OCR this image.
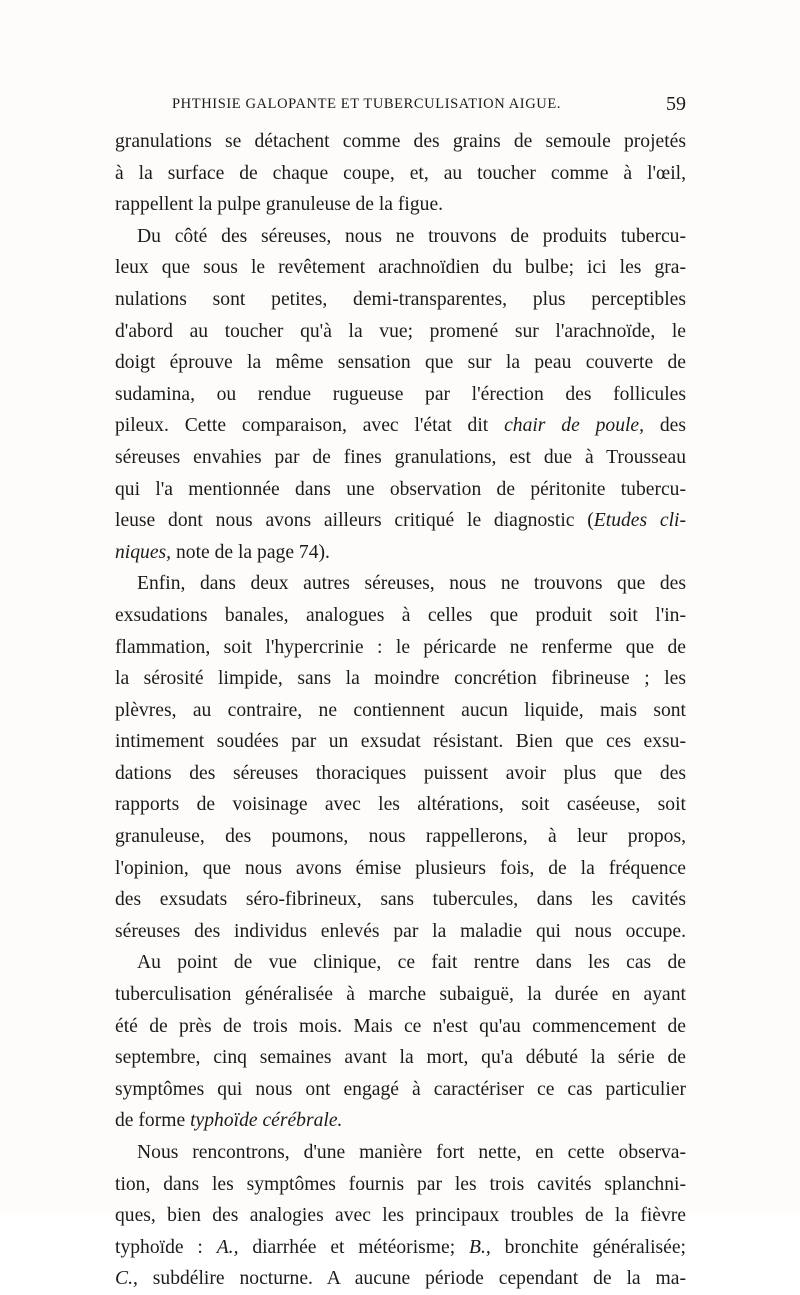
PHTHISIE GALOPANTE ET TUBERCULISATION AIGUE.	59
granulations se détachent comme des grains de semoule projetés
à la surface de chaque coupe, et, au toucher comme à l'œil,
rappellent la pulpe granuleuse de la figue.
Du côté des séreuses, nous ne trouvons de produits tubercu-
leux que sous le revêtement arachnoïdien du bulbe; ici les gra-
nulations sont petites, demi-transparentes, plus perceptibles
d'abord au toucher qu'à la vue; promené sur l'arachnoïde, le
doigt éprouve la même sensation que sur la peau couverte de
sudamina, ou rendue rugueuse par l'érection des follicules
pileux. Cette comparaison, avec l'état dit chair de poule, des
séreuses envahies par de fines granulations, est due à Trousseau
qui l'a mentionnée dans une observation de péritonite tubercu-
leuse dont nous avons ailleurs critiqué le diagnostic (Etudes cli-
niques, note de la page 74).
Enfin, dans deux autres séreuses, nous ne trouvons que des
exsudations banales, analogues à celles que produit soit l'in-
flammation, soit l'hypercrinie : le péricarde ne renferme que de
la sérosité limpide, sans la moindre concrétion fibrineuse ; les
plèvres, au contraire, ne contiennent aucun liquide, mais sont
intimement soudées par un exsudat résistant. Bien que ces exsu-
dations des séreuses thoraciques puissent avoir plus que des
rapports de voisinage avec les altérations, soit caséeuse, soit
granuleuse, des poumons, nous rappellerons, à leur propos,
l'opinion, que nous avons émise plusieurs fois, de la fréquence
des exsudats séro-fibrineux, sans tubercules, dans les cavités
séreuses des individus enlevés par la maladie qui nous occupe.
Au point de vue clinique, ce fait rentre dans les cas de
tuberculisation généralisée à marche subaiguë, la durée en ayant
été de près de trois mois. Mais ce n'est qu'au commencement de
septembre, cinq semaines avant la mort, qu'a débuté la série de
symptômes qui nous ont engagé à caractériser ce cas particulier
de forme typhoïde cérébrale.
Nous rencontrons, d'une manière fort nette, en cette observa-
tion, dans les symptômes fournis par les trois cavités splanchni-
ques, bien des analogies avec les principaux troubles de la fièvre
typhoïde : A., diarrhée et météorisme; B., bronchite généralisée;
C., subdélire nocturne. A aucune période cependant de la ma-
